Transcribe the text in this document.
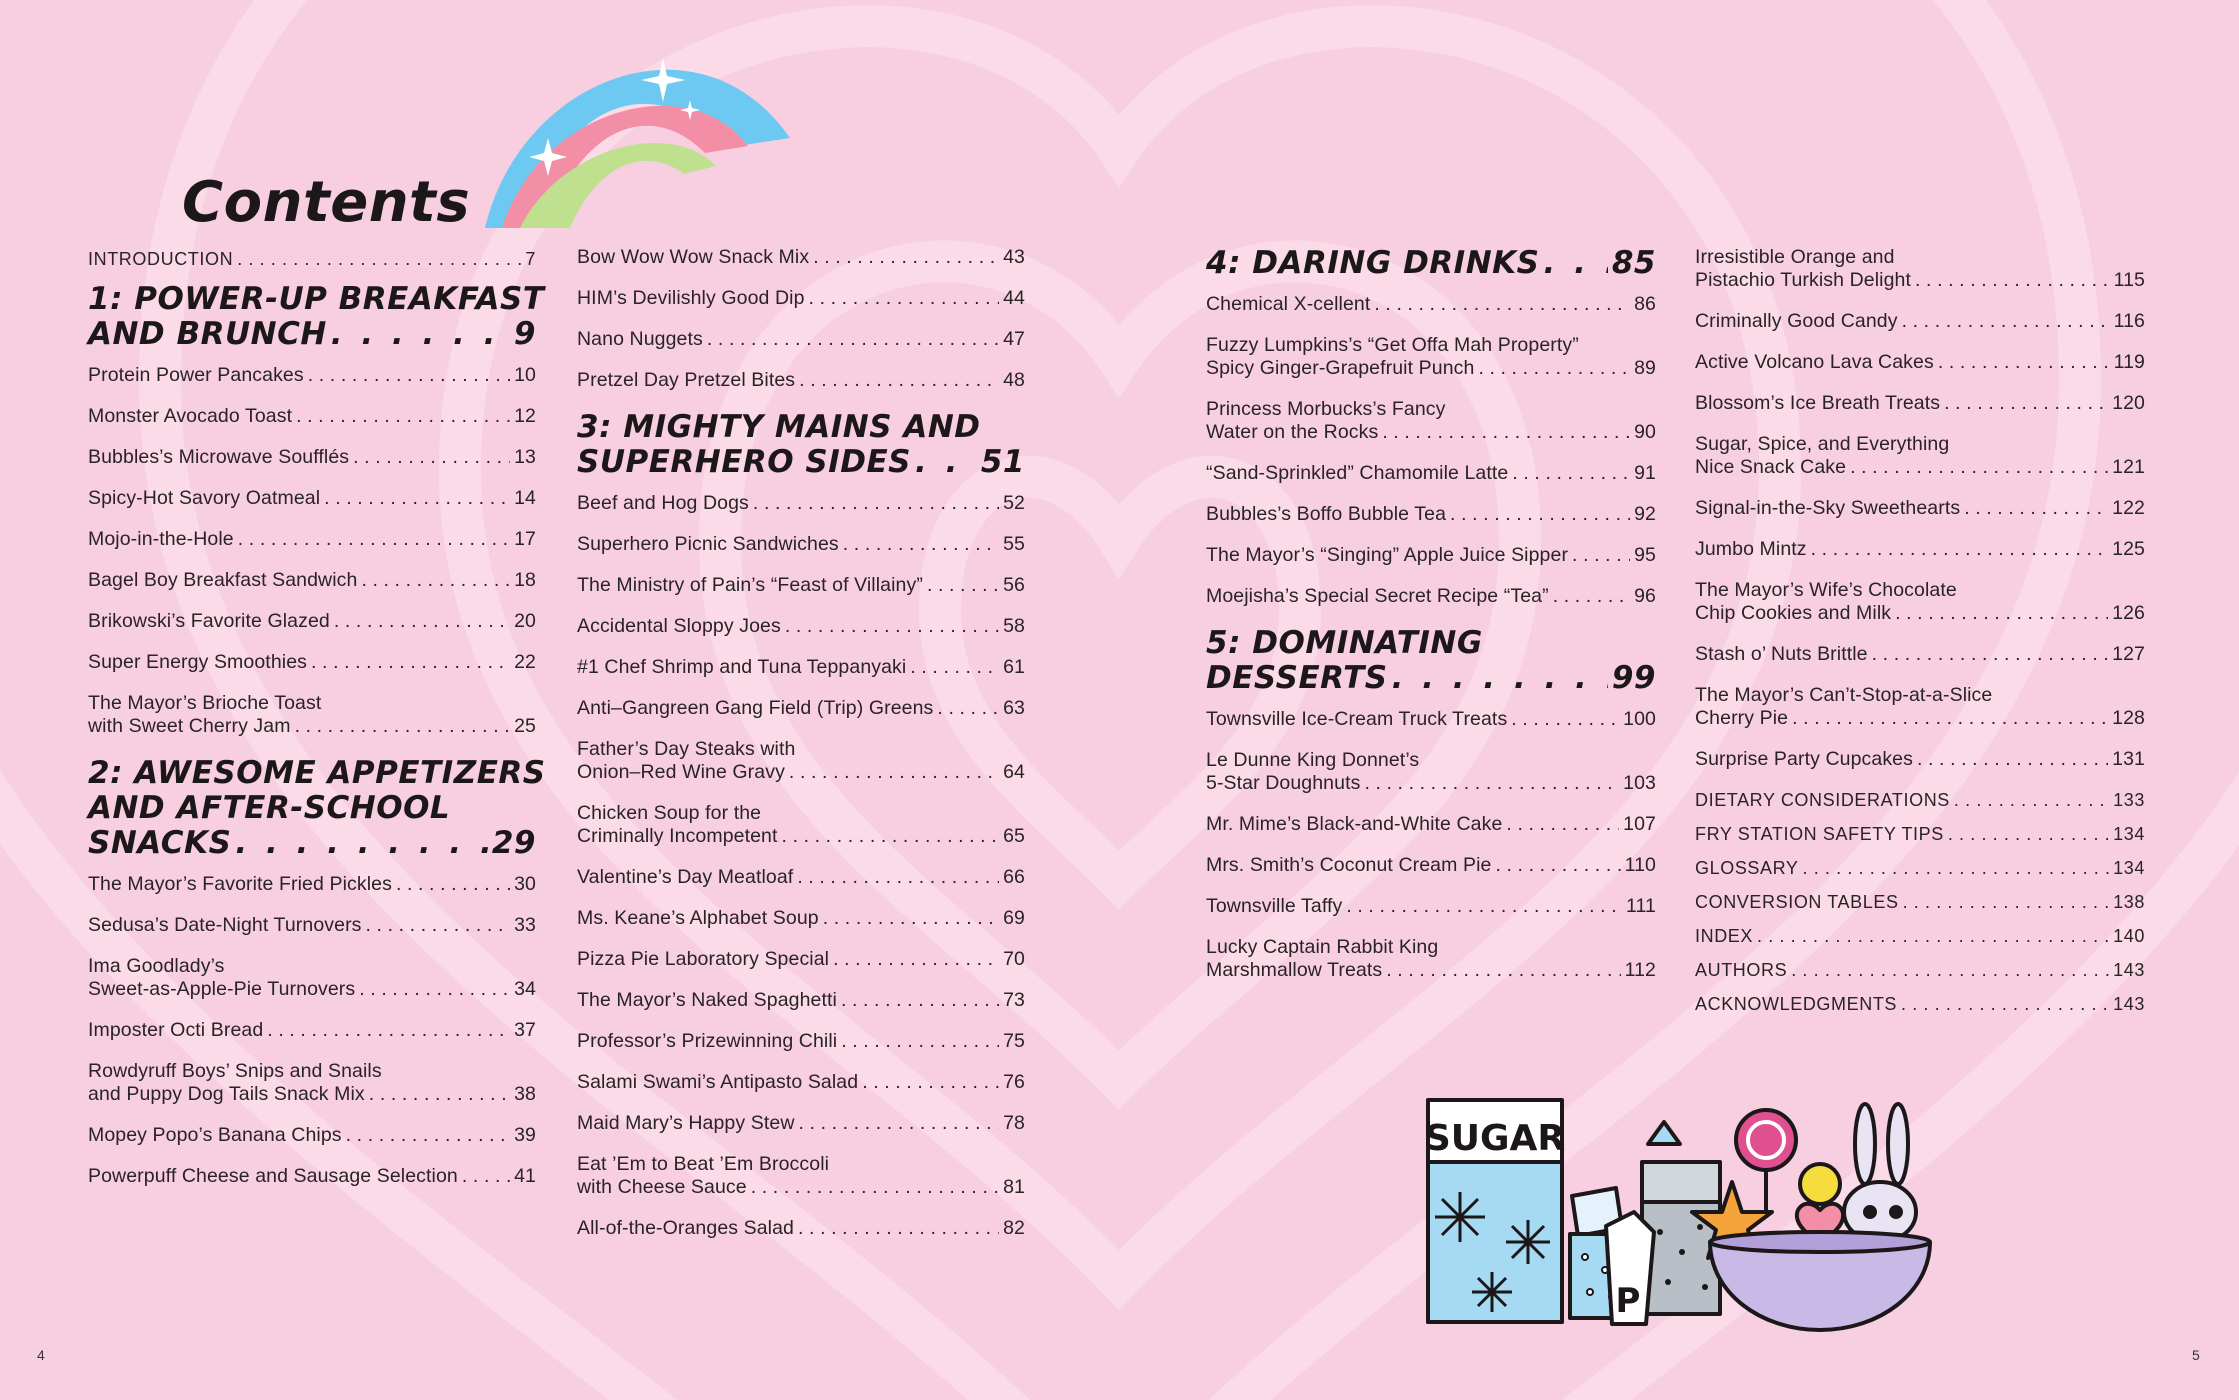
Contents
INTRODUCTION . . .	7
1: POWER-UP BREAKFAST
AND BRUNCH . . .	9
Protein Power Pancakes . . .	10
Monster Avocado Toast . . .	12
Bubbles’s Microwave Soufflés . . .	13
Spicy-Hot Savory Oatmeal . . .	14
Mojo-in-the-Hole . . .	17
Bagel Boy Breakfast Sandwich . . .	18
Brikowski’s Favorite Glazed . . .	20
Super Energy Smoothies . . .	22
The Mayor’s Brioche Toast
with Sweet Cherry Jam . . .	25
2: AWESOME APPETIZERS
AND AFTER-SCHOOL
SNACKS . . .	29
The Mayor’s Favorite Fried Pickles . . .	30
Sedusa’s Date-Night Turnovers . . .	33
Ima Goodlady’s
Sweet-as-Apple-Pie Turnovers . . .	34
Imposter Octi Bread . . .	37
Rowdyruff Boys’ Snips and Snails
and Puppy Dog Tails Snack Mix . . .	38
Mopey Popo’s Banana Chips . . .	39
Powerpuff Cheese and Sausage Selection . . .	41
Bow Wow Wow Snack Mix . . .	43
HIM’s Devilishly Good Dip . . .	44
Nano Nuggets . . .	47
Pretzel Day Pretzel Bites . . .	48
3: MIGHTY MAINS AND
SUPERHERO SIDES . . . 51
Beef and Hog Dogs . . .	52
Superhero Picnic Sandwiches . . .	55
The Ministry of Pain’s “Feast of Villainy” . . .	56
Accidental Sloppy Joes . . .	58
#1 Chef Shrimp and Tuna Teppanyaki . . .	61
Anti–Gangreen Gang Field (Trip) Greens . . .	63
Father’s Day Steaks with
Onion–Red Wine Gravy . . .	64
Chicken Soup for the
Criminally Incompetent . . .	65
Valentine’s Day Meatloaf . . .	66
Ms. Keane’s Alphabet Soup . . .	69
Pizza Pie Laboratory Special . . .	70
The Mayor’s Naked Spaghetti . . .	73
Professor’s Prizewinning Chili . . .	75
Salami Swami’s Antipasto Salad . . .	76
Maid Mary’s Happy Stew . . .	78
Eat ’Em to Beat ’Em Broccoli
with Cheese Sauce . . .	81
All-of-the-Oranges Salad . . .	82
4: DARING DRINKS . . . 85
Chemical X-cellent . . .	86
Fuzzy Lumpkins’s “Get Offa Mah Property”
Spicy Ginger-Grapefruit Punch . . .	89
Princess Morbucks’s Fancy
Water on the Rocks . . .	90
“Sand-Sprinkled” Chamomile Latte . . .	91
Bubbles’s Boffo Bubble Tea . . .	92
The Mayor’s “Singing” Apple Juice Sipper . . .	95
Moejisha’s Special Secret Recipe “Tea” . . .	96
5: DOMINATING
DESSERTS . . .	99
Townsville Ice-Cream Truck Treats . . .	100
Le Dunne King Donnet’s
5-Star Doughnuts . . .	103
Mr. Mime’s Black-and-White Cake . . .	107
Mrs. Smith’s Coconut Cream Pie . . .	110
Townsville Taffy . . .	111
Lucky Captain Rabbit King
Marshmallow Treats . . .	112
Irresistible Orange and
Pistachio Turkish Delight . . .	115
Criminally Good Candy . . .	116
Active Volcano Lava Cakes . . .	119
Blossom’s Ice Breath Treats . . .	120
Sugar, Spice, and Everything
Nice Snack Cake . . .	121
Signal-in-the-Sky Sweethearts . . .	122
Jumbo Mintz . . .	125
The Mayor’s Wife’s Chocolate
Chip Cookies and Milk . . .	126
Stash o’ Nuts Brittle . . .	127
The Mayor’s Can’t-Stop-at-a-Slice
Cherry Pie . . .	128
Surprise Party Cupcakes . . .	131
DIETARY CONSIDERATIONS . . .	133
FRY STATION SAFETY TIPS . . .	134
GLOSSARY . . .	134
CONVERSION TABLES . . .	138
INDEX . . .	140
AUTHORS . . .	143
ACKNOWLEDGMENTS . . .	143
SUGAR
P
4	5
